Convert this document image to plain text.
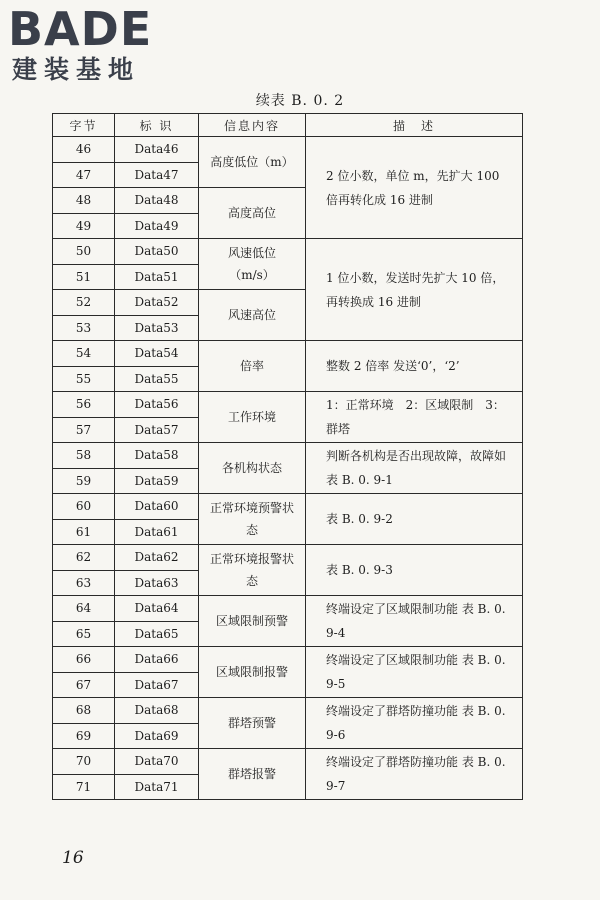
BADE
建装基地
续表 B. 0. 2
字节	标 识	信息内容	描　述
46	Data46	高度低位（m）	2 位小数，单位 m，先扩大 100 倍再转化成 16 进制
47	Data47		
48	Data48	高度高位	
49	Data49		
50	Data50	风速低位（m/s）	1 位小数，发送时先扩大 10 倍，再转换成 16 进制
51	Data51		
52	Data52	风速高位	
53	Data53		
54	Data54	倍率	整数 2 倍率 发送‘0’，‘2’
55	Data55		
56	Data56	工作环境	1：正常环境　2：区域限制　3：群塔
57	Data57		
58	Data58	各机构状态	判断各机构是否出现故障，故障如表 B. 0. 9-1
59	Data59		
60	Data60	正常环境预警状态	表 B. 0. 9-2
61	Data61		
62	Data62	正常环境报警状态	表 B. 0. 9-3
63	Data63		
64	Data64	区域限制预警	终端设定了区域限制功能 表 B. 0. 9-4
65	Data65		
66	Data66	区域限制报警	终端设定了区域限制功能 表 B. 0. 9-5
67	Data67		
68	Data68	群塔预警	终端设定了群塔防撞功能 表 B. 0. 9-6
69	Data69		
70	Data70	群塔报警	终端设定了群塔防撞功能 表 B. 0. 9-7
71	Data71		
16
